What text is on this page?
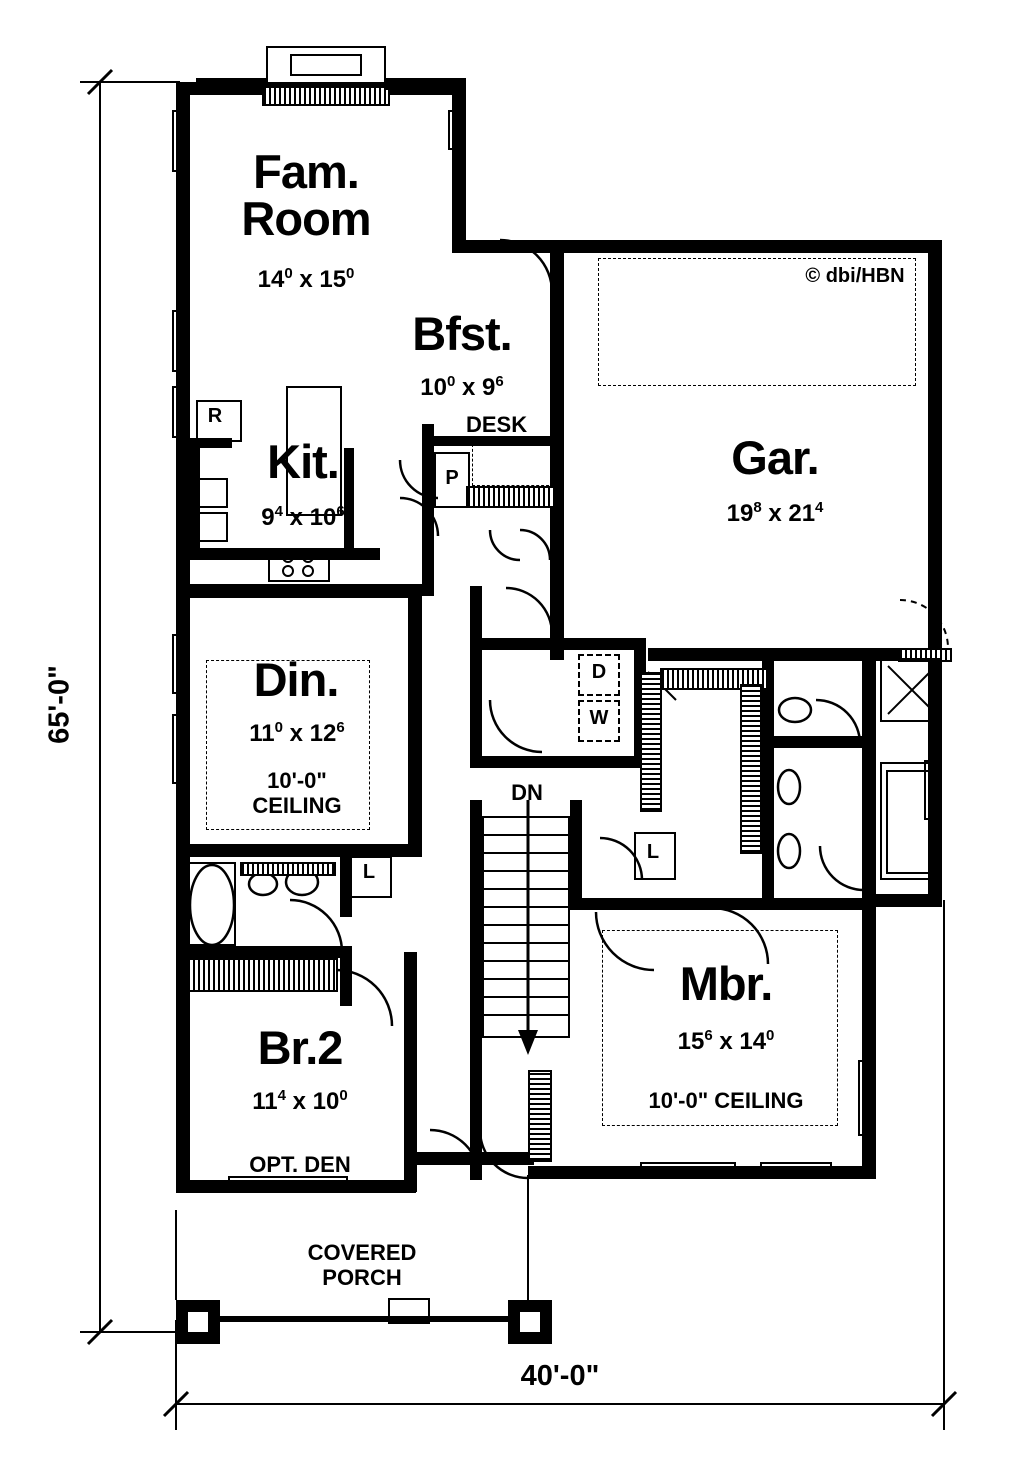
Fam.
Room
$14^0$ x $15^0$
Bfst.
$10^0$ x $9^6$
Kit.
$9^4$ x $10^6$
Gar.
$19^8$ x $21^4$
Din.
$11^0$ x $12^6$
10'-0"
CEILING
Br.2
$11^4$ x $10^0$
OPT. DEN
Mbr.
$15^6$ x $14^0$
10'-0" CEILING
DESK
P
R
D
W
L
L
DN
COVERED
PORCH
© dbi/HBN
40'-0"
65'-0"
